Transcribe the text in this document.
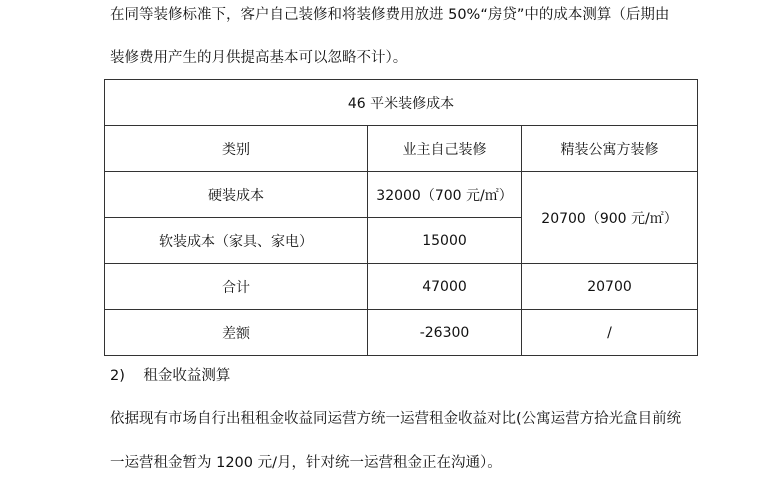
在同等装修标准下，客户自己装修和将装修费用放进 50%“房贷”中的成本测算（后期由
装修费用产生的月供提高基本可以忽略不计）。
46 平米装修成本		
类别	业主自己装修	精装公寓方装修
硬装成本	32000（700 元/㎡）	20700（900 元/㎡）
软装成本（家具、家电）	15000	
合计	47000	20700
差额	-26300	/
2)    租金收益测算
依据现有市场自行出租租金收益同运营方统一运营租金收益对比(公寓运营方拾光盒目前统
一运营租金暂为 1200 元/月，针对统一运营租金正在沟通）。
